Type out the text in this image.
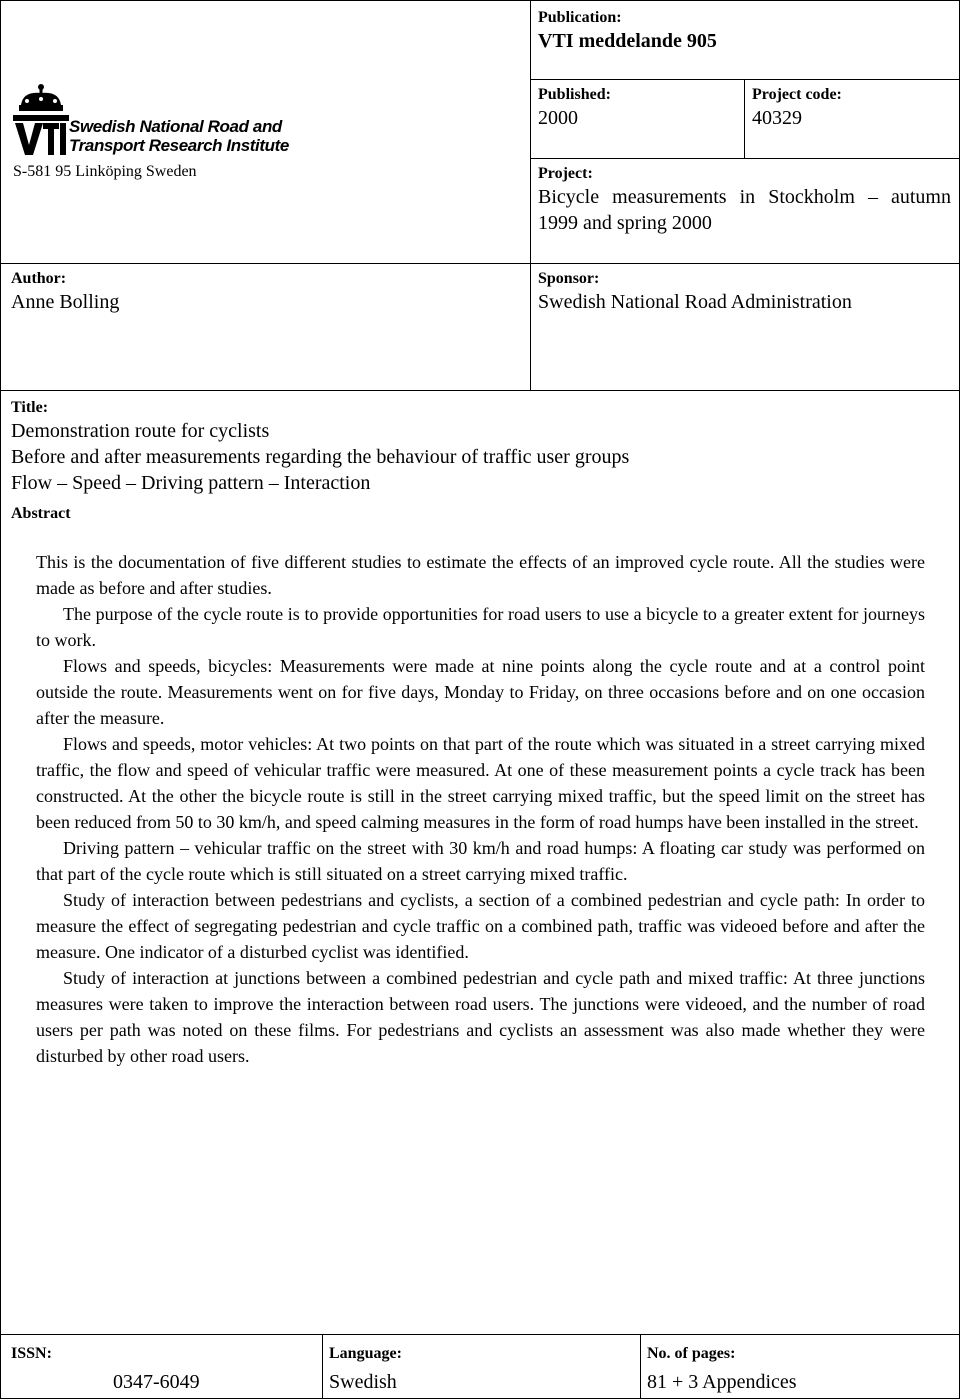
Swedish National Road and
Transport Research Institute
S-581 95 Linköping Sweden
Publication:
VTI meddelande 905
Published:
2000
Project code:
40329
Project:
Bicycle measurements in Stockholm – autumn 1999 and spring 2000
Author:
Anne Bolling
Sponsor:
Swedish National Road Administration
Title:
Demonstration route for cyclists
Before and after measurements regarding the behaviour of traffic user groups
Flow – Speed – Driving pattern – Interaction
Abstract

This is the documentation of five different studies to estimate the effects of an improved cycle route. All the studies were made as before and after studies.

The purpose of the cycle route is to provide opportunities for road users to use a bicycle to a greater extent for journeys to work.

Flows and speeds, bicycles: Measurements were made at nine points along the cycle route and at a control point outside the route. Measurements went on for five days, Monday to Friday, on three occasions before and on one occasion after the measure.

Flows and speeds, motor vehicles: At two points on that part of the route which was situated in a street carrying mixed traffic, the flow and speed of vehicular traffic were measured. At one of these measurement points a cycle track has been constructed. At the other the bicycle route is still in the street carrying mixed traffic, but the speed limit on the street has been reduced from 50 to 30 km/h, and speed calming measures in the form of road humps have been installed in the street.

Driving pattern – vehicular traffic on the street with 30 km/h and road humps: A floating car study was performed on that part of the cycle route which is still situated on a street carrying mixed traffic.

Study of interaction between pedestrians and cyclists, a section of a combined pedestrian and cycle path: In order to measure the effect of segregating pedestrian and cycle traffic on a combined path, traffic was videoed before and after the measure. One indicator of a disturbed cyclist was identified.

Study of interaction at junctions between a combined pedestrian and cycle path and mixed traffic: At three junctions measures were taken to improve the interaction between road users. The junctions were videoed, and the number of road users per path was noted on these films. For pedestrians and cyclists an assessment was also made whether they were disturbed by other road users.

ISSN:
0347-6049
Language:
Swedish
No. of pages:
81 + 3 Appendices
